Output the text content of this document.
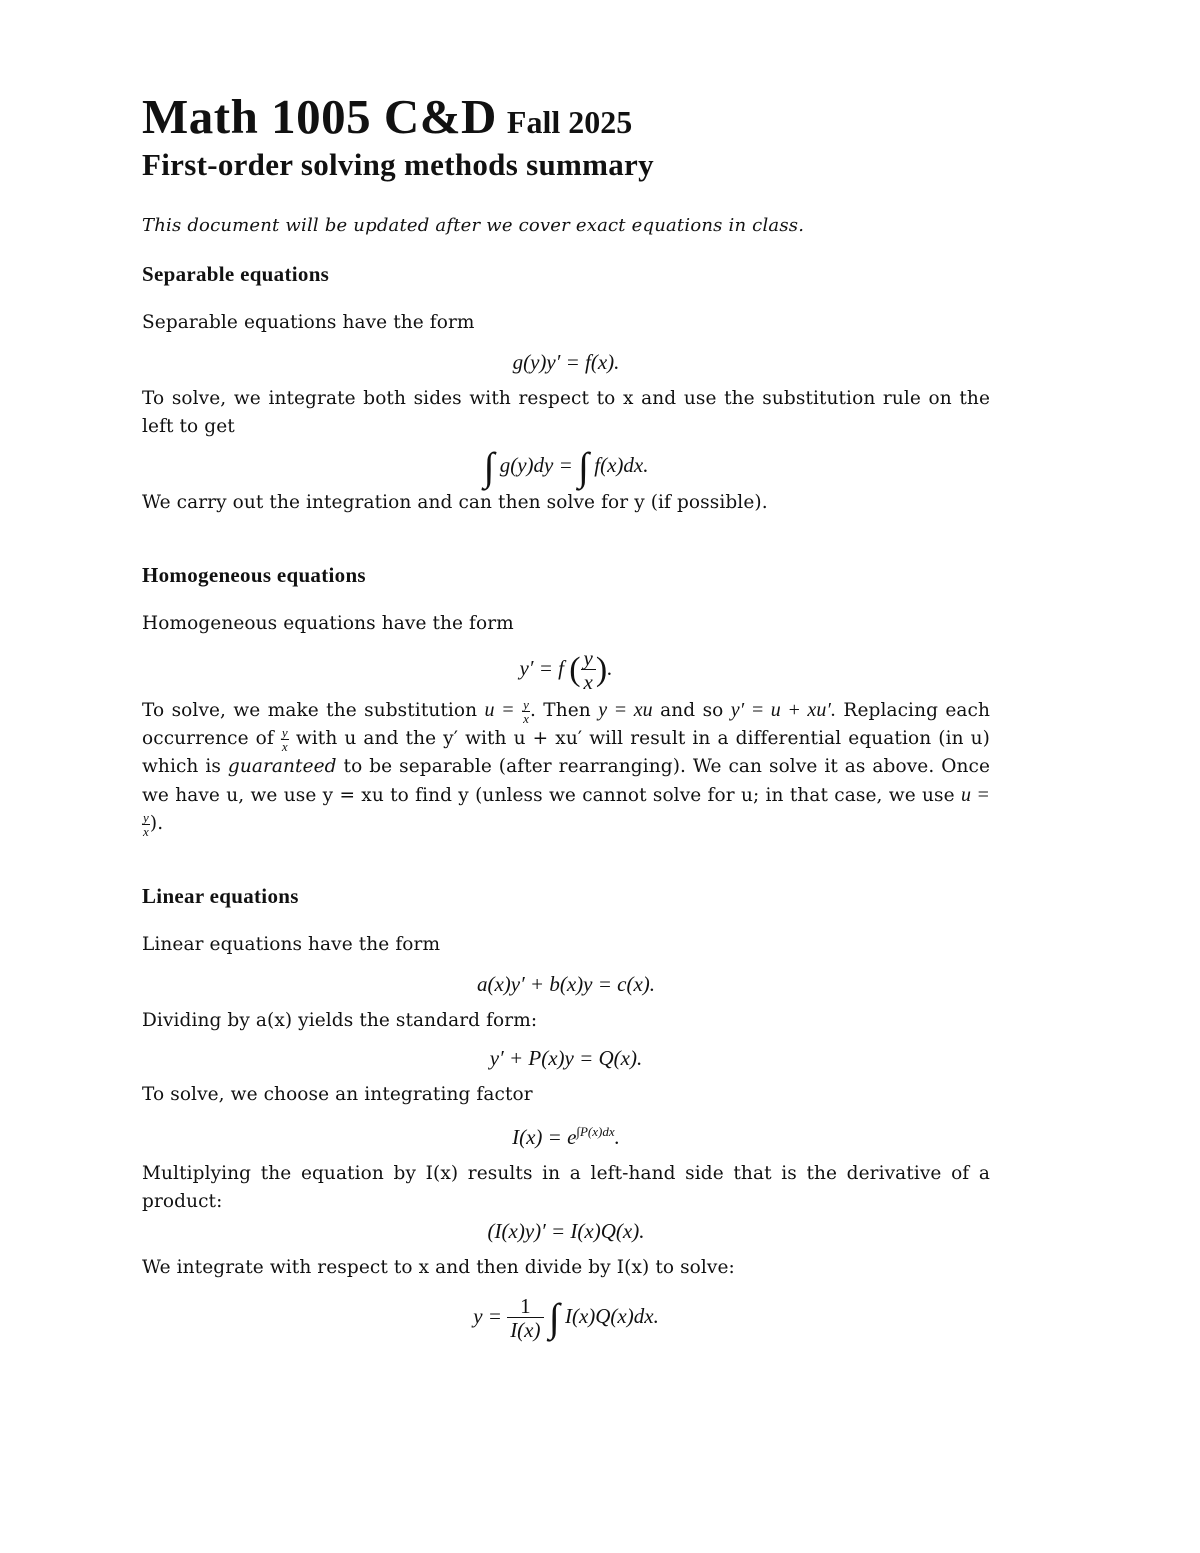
Math 1005 C&D Fall 2025
First-order solving methods summary
This document will be updated after we cover exact equations in class.
Separable equations

Separable equations have the form

g(y)y′ = f(x).

To solve, we integrate both sides with respect to x and use the substitution rule on the left to get

∫ g(y)dy = ∫ f(x)dx.

We carry out the integration and can then solve for y (if possible).

Homogeneous equations

Homogeneous equations have the form

y′ = f ( $\frac{y}{x}$ ).

To solve, we make the substitution $u = \frac{y}{x}$ . Then y = xu and so y′ = u + xu′. Replacing each occurrence of $\frac{y}{x}$ with u and the y′ with u + xu′ will result in a differential equation (in u) which is guaranteed to be separable (after rearranging). We can solve it as above. Once we have u, we use y = xu to find y (unless we cannot solve for u; in that case, we use u =
$\frac{y}{x}$ ).

Linear equations

Linear equations have the form

a(x)y′ + b(x)y = c(x).

Dividing by a(x) yields the standard form:

y′ + P(x)y = Q(x).

To solve, we choose an integrating factor

$I(x) = e^{\int P(x)dx}$.

Multiplying the equation by I(x) results in a left-hand side that is the derivative of a product:

(I(x)y)′ = I(x)Q(x).

We integrate with respect to x and then divide by I(x) to solve:

$y = \frac{1}{I(x)}$ ∫ I(x)Q(x)dx.
